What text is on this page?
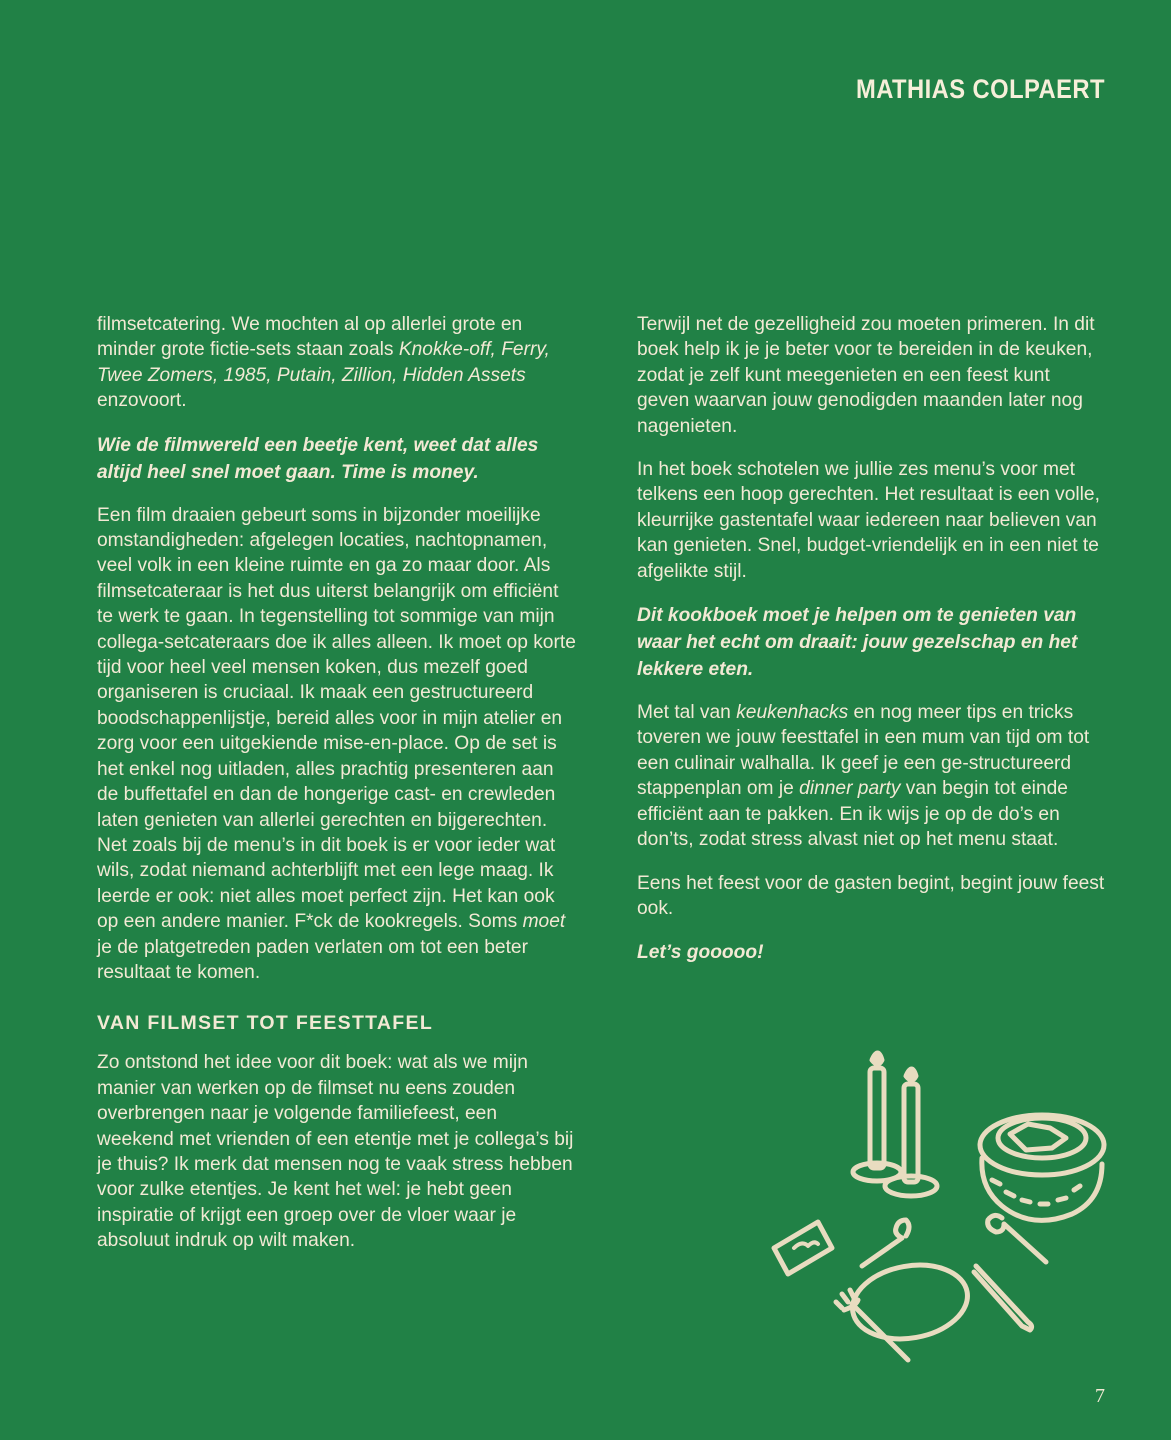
MATHIAS COLPAERT

filmsetcatering. We mochten al op allerlei grote en minder grote fictie-sets staan zoals Knokke-off, Ferry, Twee Zomers, 1985, Putain, Zillion, Hidden Assets enzovoort.

Wie de filmwereld een beetje kent, weet dat alles altijd heel snel moet gaan. Time is money.

Een film draaien gebeurt soms in bijzonder moeilijke omstandigheden: afgelegen locaties, nachtopnamen, veel volk in een kleine ruimte en ga zo maar door. Als filmsetcateraar is het dus uiterst belangrijk om efficiënt te werk te gaan. In tegenstelling tot sommige van mijn collega-setcateraars doe ik alles alleen. Ik moet op korte tijd voor heel veel mensen koken, dus mezelf goed organiseren is cruciaal. Ik maak een gestructureerd boodschappenlijstje, bereid alles voor in mijn atelier en zorg voor een uitgekiende mise-en-place. Op de set is het enkel nog uitladen, alles prachtig presenteren aan de buffettafel en dan de hongerige cast- en crewleden laten genieten van allerlei gerechten en bijgerechten. Net zoals bij de menu’s in dit boek is er voor ieder wat wils, zodat niemand achterblijft met een lege maag. Ik leerde er ook: niet alles moet perfect zijn. Het kan ook op een andere manier. F*ck de kookregels. Soms moet je de platgetreden paden verlaten om tot een beter resultaat te komen.

VAN FILMSET TOT FEESTTAFEL

Zo ontstond het idee voor dit boek: wat als we mijn manier van werken op de filmset nu eens zouden overbrengen naar je volgende familiefeest, een weekend met vrienden of een etentje met je collega’s bij je thuis? Ik merk dat mensen nog te vaak stress hebben voor zulke etentjes. Je kent het wel: je hebt geen inspiratie of krijgt een groep over de vloer waar je absoluut indruk op wilt maken.

Terwijl net de gezelligheid zou moeten primeren. In dit boek help ik je je beter voor te bereiden in de keuken, zodat je zelf kunt meegenieten en een feest kunt geven waarvan jouw genodigden maanden later nog nagenieten.

In het boek schotelen we jullie zes menu’s voor met telkens een hoop gerechten. Het resultaat is een volle, kleurrijke gastentafel waar iedereen naar believen van kan genieten. Snel, budget-vriendelijk en in een niet te afgelikte stijl.

Dit kookboek moet je helpen om te genieten van waar het echt om draait: jouw gezelschap en het lekkere eten.

Met tal van keukenhacks en nog meer tips en tricks toveren we jouw feesttafel in een mum van tijd om tot een culinair walhalla. Ik geef je een ge-structureerd stappenplan om je dinner party van begin tot einde efficiënt aan te pakken. En ik wijs je op de do’s en don’ts, zodat stress alvast niet op het menu staat.

Eens het feest voor de gasten begint, begint jouw feest ook.

Let’s gooooo!

7
